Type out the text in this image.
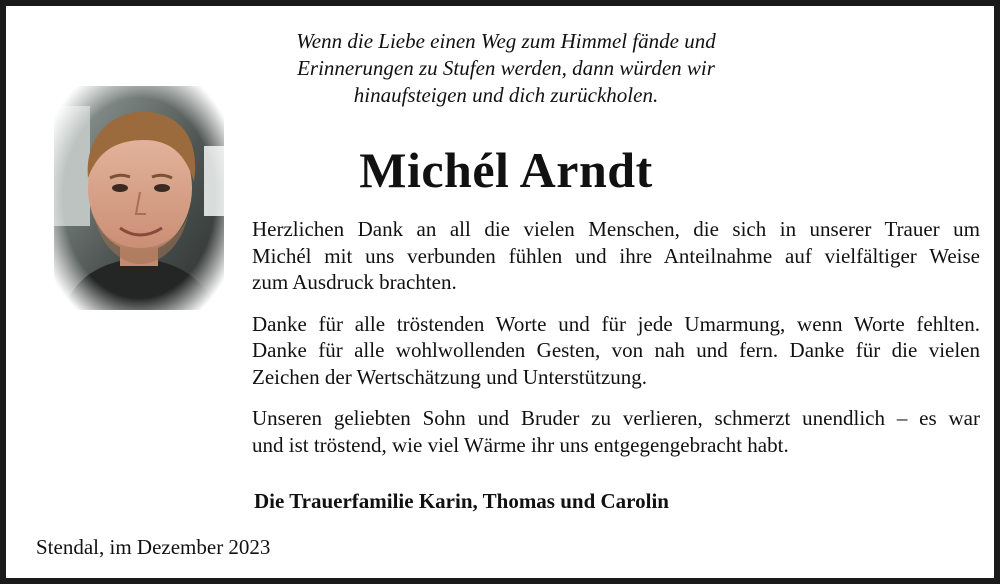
Wenn die Liebe einen Weg zum Himmel fände und
Erinnerungen zu Stufen werden, dann würden wir
hinaufsteigen und dich zurückholen.
Michél Arndt
Herzlichen Dank an all die vielen Menschen, die sich in unserer Trauer um
Michél mit uns verbunden fühlen und ihre Anteilnahme auf vielfältiger Weise
zum Ausdruck brachten.
Danke für alle tröstenden Worte und für jede Umarmung, wenn Worte fehlten.
Danke für alle wohlwollenden Gesten, von nah und fern. Danke für die vielen
Zeichen der Wertschätzung und Unterstützung.
Unseren geliebten Sohn und Bruder zu verlieren, schmerzt unendlich – es war
und ist tröstend, wie viel Wärme ihr uns entgegengebracht habt.
Die Trauerfamilie Karin, Thomas und Carolin
Stendal, im Dezember 2023
